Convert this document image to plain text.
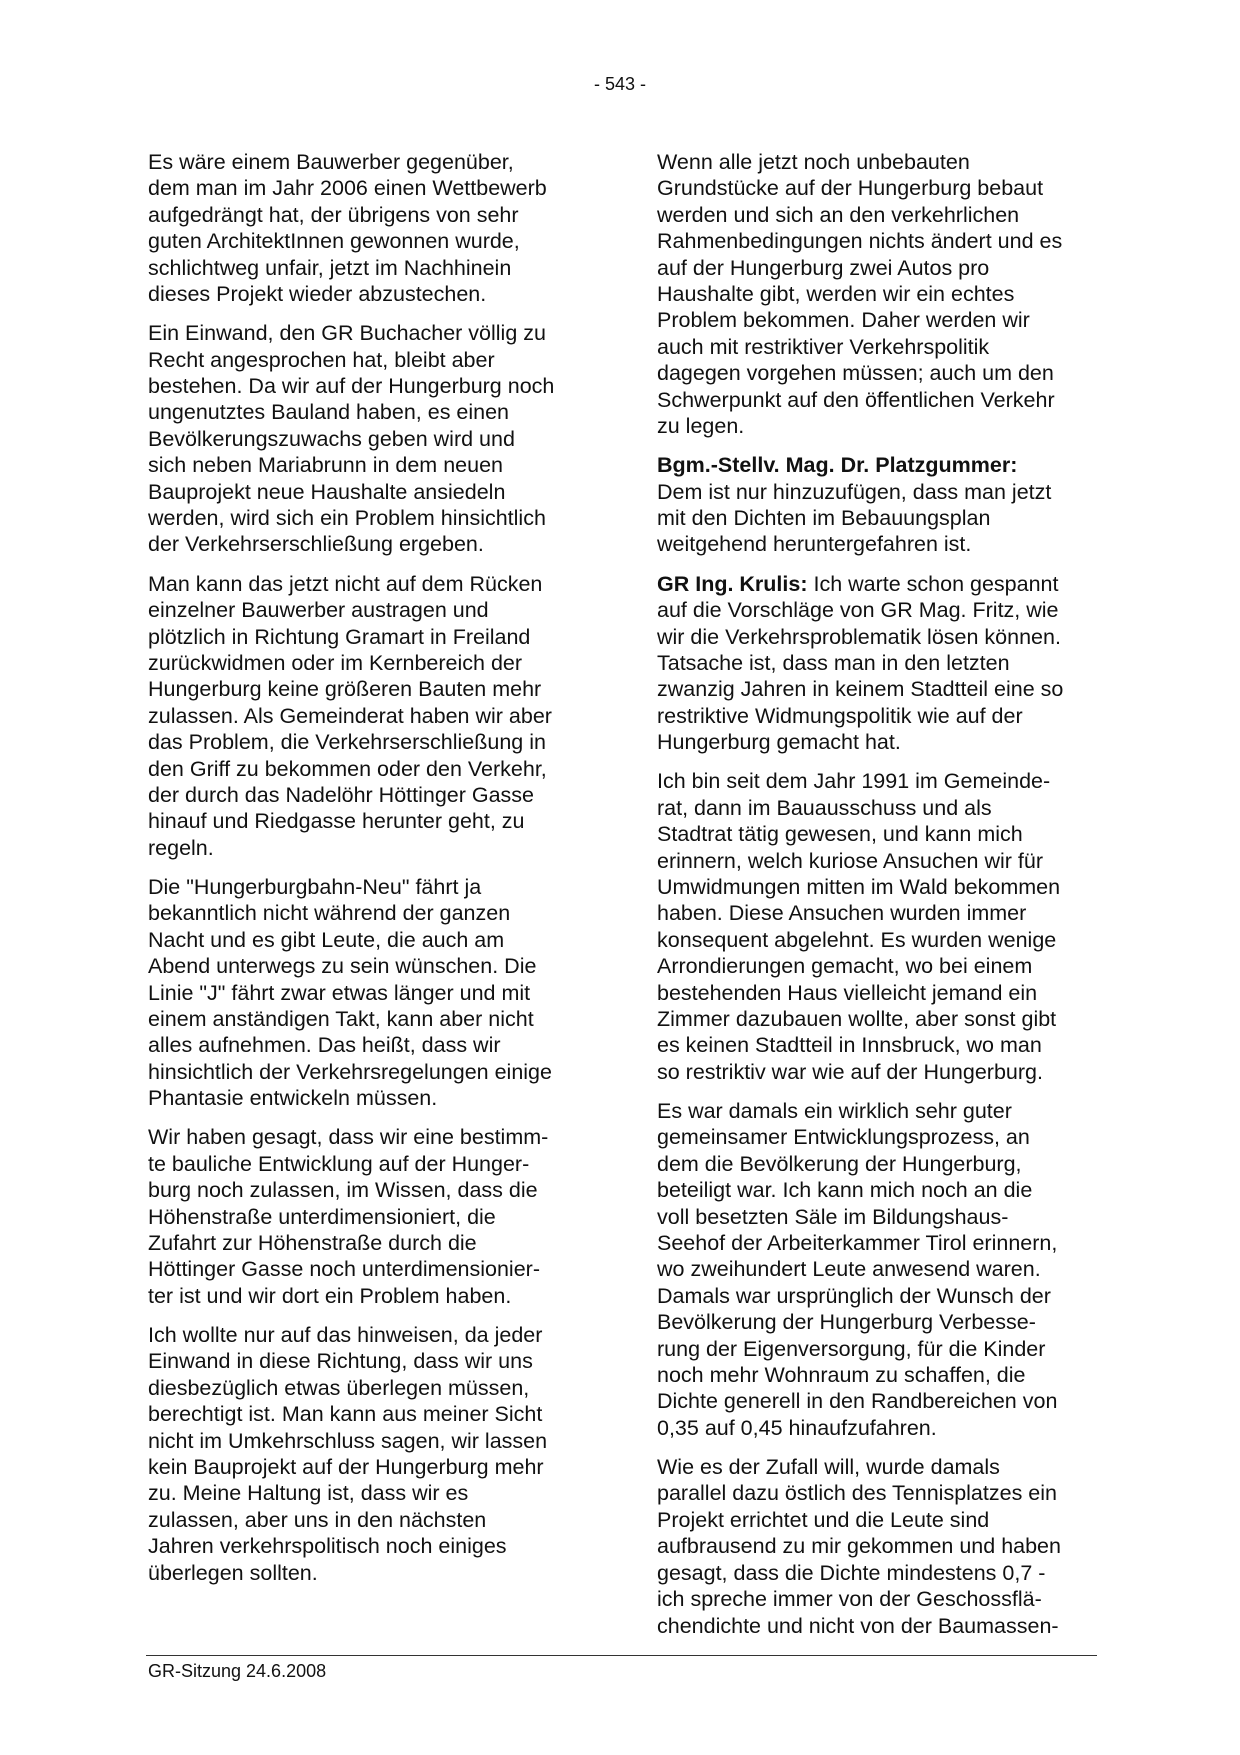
- 543 -

Es wäre einem Bauwerber gegenüber,
dem man im Jahr 2006 einen Wettbewerb
aufgedrängt hat, der übrigens von sehr
guten ArchitektInnen gewonnen wurde,
schlichtweg unfair, jetzt im Nachhinein
dieses Projekt wieder abzustechen.

Ein Einwand, den GR Buchacher völlig zu
Recht angesprochen hat, bleibt aber
bestehen. Da wir auf der Hungerburg noch
ungenutztes Bauland haben, es einen
Bevölkerungszuwachs geben wird und
sich neben Mariabrunn in dem neuen
Bauprojekt neue Haushalte ansiedeln
werden, wird sich ein Problem hinsichtlich
der Verkehrserschließung ergeben.

Man kann das jetzt nicht auf dem Rücken
einzelner Bauwerber austragen und
plötzlich in Richtung Gramart in Freiland
zurückwidmen oder im Kernbereich der
Hungerburg keine größeren Bauten mehr
zulassen. Als Gemeinderat haben wir aber
das Problem, die Verkehrserschließung in
den Griff zu bekommen oder den Verkehr,
der durch das Nadelöhr Höttinger Gasse
hinauf und Riedgasse herunter geht, zu
regeln.

Die "Hungerburgbahn-Neu" fährt ja
bekanntlich nicht während der ganzen
Nacht und es gibt Leute, die auch am
Abend unterwegs zu sein wünschen. Die
Linie "J" fährt zwar etwas länger und mit
einem anständigen Takt, kann aber nicht
alles aufnehmen. Das heißt, dass wir
hinsichtlich der Verkehrsregelungen einige
Phantasie entwickeln müssen.

Wir haben gesagt, dass wir eine bestimm-
te bauliche Entwicklung auf der Hunger-
burg noch zulassen, im Wissen, dass die
Höhenstraße unterdimensioniert, die
Zufahrt zur Höhenstraße durch die
Höttinger Gasse noch unterdimensionier-
ter ist und wir dort ein Problem haben.

Ich wollte nur auf das hinweisen, da jeder
Einwand in diese Richtung, dass wir uns
diesbezüglich etwas überlegen müssen,
berechtigt ist. Man kann aus meiner Sicht
nicht im Umkehrschluss sagen, wir lassen
kein Bauprojekt auf der Hungerburg mehr
zu. Meine Haltung ist, dass wir es
zulassen, aber uns in den nächsten
Jahren verkehrspolitisch noch einiges
überlegen sollten.

Wenn alle jetzt noch unbebauten
Grundstücke auf der Hungerburg bebaut
werden und sich an den verkehrlichen
Rahmenbedingungen nichts ändert und es
auf der Hungerburg zwei Autos pro
Haushalte gibt, werden wir ein echtes
Problem bekommen. Daher werden wir
auch mit restriktiver Verkehrspolitik
dagegen vorgehen müssen; auch um den
Schwerpunkt auf den öffentlichen Verkehr
zu legen.

Bgm.-Stellv. Mag. Dr. Platzgummer:
Dem ist nur hinzuzufügen, dass man jetzt
mit den Dichten im Bebauungsplan
weitgehend heruntergefahren ist.

GR Ing. Krulis: Ich warte schon gespannt
auf die Vorschläge von GR Mag. Fritz, wie
wir die Verkehrsproblematik lösen können.
Tatsache ist, dass man in den letzten
zwanzig Jahren in keinem Stadtteil eine so
restriktive Widmungspolitik wie auf der
Hungerburg gemacht hat.

Ich bin seit dem Jahr 1991 im Gemeinde-
rat, dann im Bauausschuss und als
Stadtrat tätig gewesen, und kann mich
erinnern, welch kuriose Ansuchen wir für
Umwidmungen mitten im Wald bekommen
haben. Diese Ansuchen wurden immer
konsequent abgelehnt. Es wurden wenige
Arrondierungen gemacht, wo bei einem
bestehenden Haus vielleicht jemand ein
Zimmer dazubauen wollte, aber sonst gibt
es keinen Stadtteil in Innsbruck, wo man
so restriktiv war wie auf der Hungerburg.

Es war damals ein wirklich sehr guter
gemeinsamer Entwicklungsprozess, an
dem die Bevölkerung der Hungerburg,
beteiligt war. Ich kann mich noch an die
voll besetzten Säle im Bildungshaus-
Seehof der Arbeiterkammer Tirol erinnern,
wo zweihundert Leute anwesend waren.
Damals war ursprünglich der Wunsch der
Bevölkerung der Hungerburg Verbesse-
rung der Eigenversorgung, für die Kinder
noch mehr Wohnraum zu schaffen, die
Dichte generell in den Randbereichen von
0,35 auf 0,45 hinaufzufahren.

Wie es der Zufall will, wurde damals
parallel dazu östlich des Tennisplatzes ein
Projekt errichtet und die Leute sind
aufbrausend zu mir gekommen und haben
gesagt, dass die Dichte mindestens 0,7 -
ich spreche immer von der Geschossflä-
chendichte und nicht von der Baumassen-

GR-Sitzung 24.6.2008
